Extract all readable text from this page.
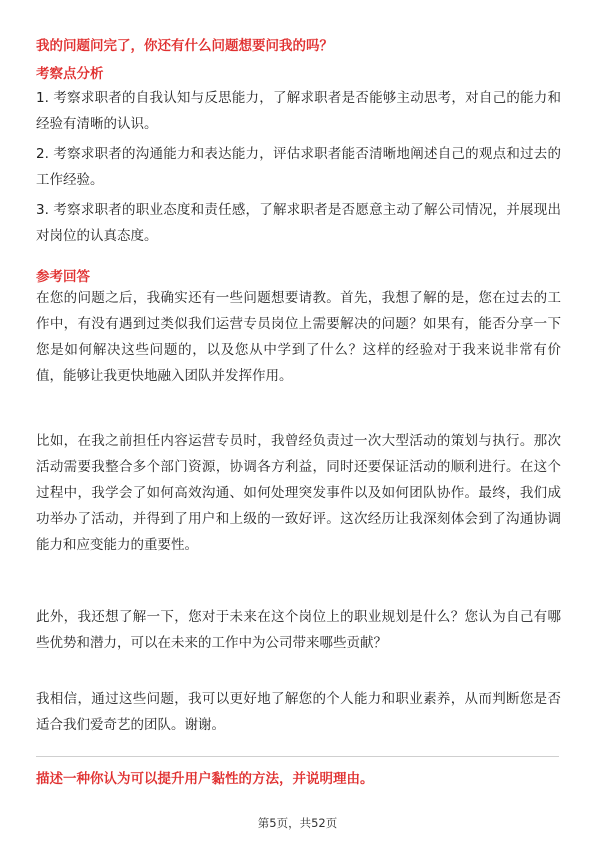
我的问题问完了，你还有什么问题想要问我的吗？
考察点分析
1. 考察求职者的自我认知与反思能力，了解求职者是否能够主动思考，对自己的能力和经验有清晰的认识。
2. 考察求职者的沟通能力和表达能力，评估求职者能否清晰地阐述自己的观点和过去的工作经验。
3. 考察求职者的职业态度和责任感，了解求职者是否愿意主动了解公司情况，并展现出对岗位的认真态度。
参考回答
在您的问题之后，我确实还有一些问题想要请教。首先，我想了解的是，您在过去的工作中，有没有遇到过类似我们运营专员岗位上需要解决的问题？如果有，能否分享一下您是如何解决这些问题的，以及您从中学到了什么？这样的经验对于我来说非常有价值，能够让我更快地融入团队并发挥作用。
比如，在我之前担任内容运营专员时，我曾经负责过一次大型活动的策划与执行。那次活动需要我整合多个部门资源，协调各方利益，同时还要保证活动的顺利进行。在这个过程中，我学会了如何高效沟通、如何处理突发事件以及如何团队协作。最终，我们成功举办了活动，并得到了用户和上级的一致好评。这次经历让我深刻体会到了沟通协调能力和应变能力的重要性。
此外，我还想了解一下，您对于未来在这个岗位上的职业规划是什么？您认为自己有哪些优势和潜力，可以在未来的工作中为公司带来哪些贡献？
我相信，通过这些问题，我可以更好地了解您的个人能力和职业素养，从而判断您是否适合我们爱奇艺的团队。谢谢。
描述一种你认为可以提升用户黏性的方法，并说明理由。
第5页，共52页
